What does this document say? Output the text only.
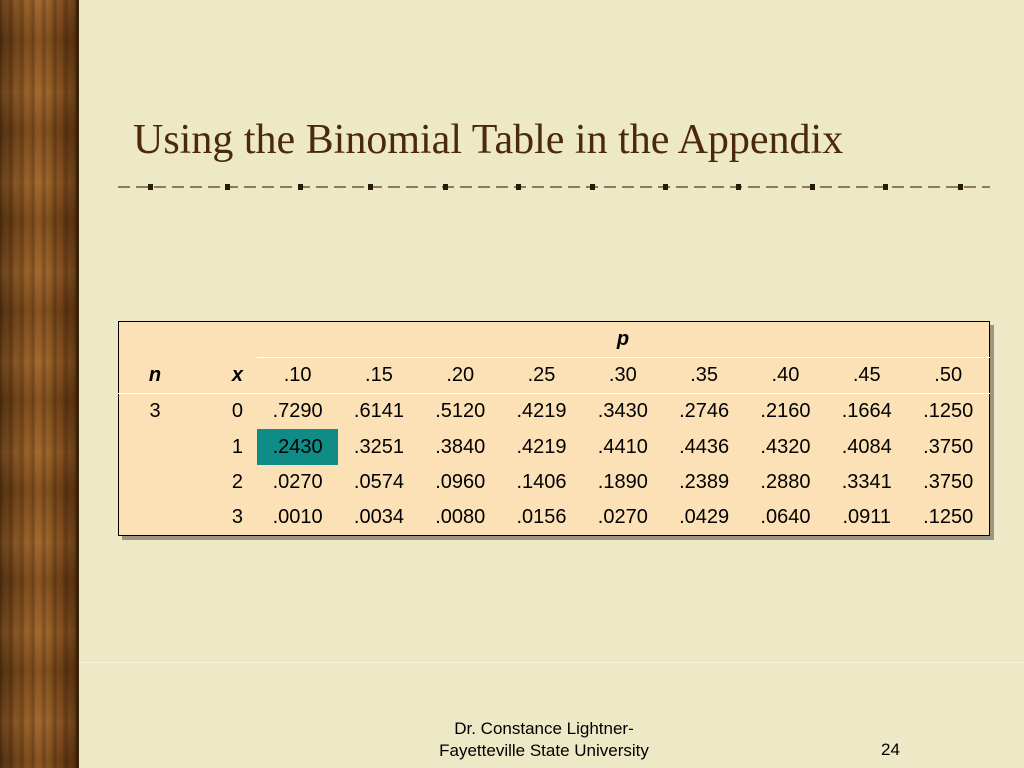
Using the Binomial Table in the Appendix
		p								
n	x	.10	.15	.20	.25	.30	.35	.40	.45	.50
3	0	.7290	.6141	.5120	.4219	.3430	.2746	.2160	.1664	.1250
	1	.2430	.3251	.3840	.4219	.4410	.4436	.4320	.4084	.3750
	2	.0270	.0574	.0960	.1406	.1890	.2389	.2880	.3341	.3750
	3	.0010	.0034	.0080	.0156	.0270	.0429	.0640	.0911	.1250
Dr. Constance Lightner-
Fayetteville State University	24
